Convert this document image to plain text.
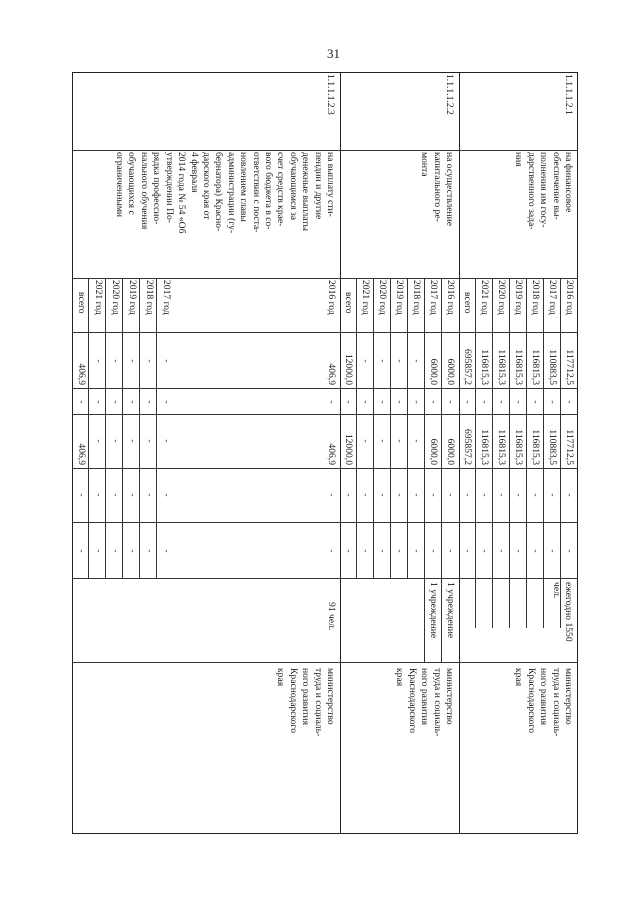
31
1.1.1.1.2.1
на финансовое
обеспечение вы-
полнения им госу-
дарственного зада-
ния
2016 год
2017 год
2018 год
2019 год
2020 год
2021 год
всего
117712,5
110883,5
116815,3
116815,3
116815,3
116815,3
695857,2
-
-
-
-
-
-
-
117712,5
110883,5
116815,3
116815,3
116815,3
116815,3
695857,2
-
-
-
-
-
-
-
-
-
-
-
-
-
-
ежегодно 1550
чел.
министерство
труда и социаль-
ного развития
Краснодарского
края
1.1.1.1.2.2
на осуществление
капитального ре-
монта
2016 год
2017 год
2018 год
2019 год
2020 год
2021 год
всего
6000,0
6000,0
-
-
-
-
12000,0
-
-
-
-
-
-
-
6000,0
6000,0
-
-
-
-
12000,0
-
-
-
-
-
-
-
-
-
-
-
-
-
-
1 учреждение
1 учреждение
министерство
труда и социаль-
ного развития
Краснодарского
края
1.1.1.1.2.3
на выплату сти-
пендии и другие
денежные выплаты
обучающимся за
счет средств крае-
вого бюджета в со-
ответствии с поста-
новлением главы
администрации (гу-
бернатора) Красно-
дарского края от
4 февраля
2014 года № 54 «Об
утверждении По-
рядка профессио-
нального обучения
обучающихся с
ограниченными
2016 год
2017 год
2018 год
2019 год
2020 год
2021 год
всего
406,9
-
-
-
-
-
406,9
-
-
-
-
-
-
-
406,9
-
-
-
-
-
406,9
-
-
-
-
-
-
-
-
-
-
-
-
-
-
91 чел.
министерство
труда и социаль-
ного развития
Краснодарского
края
